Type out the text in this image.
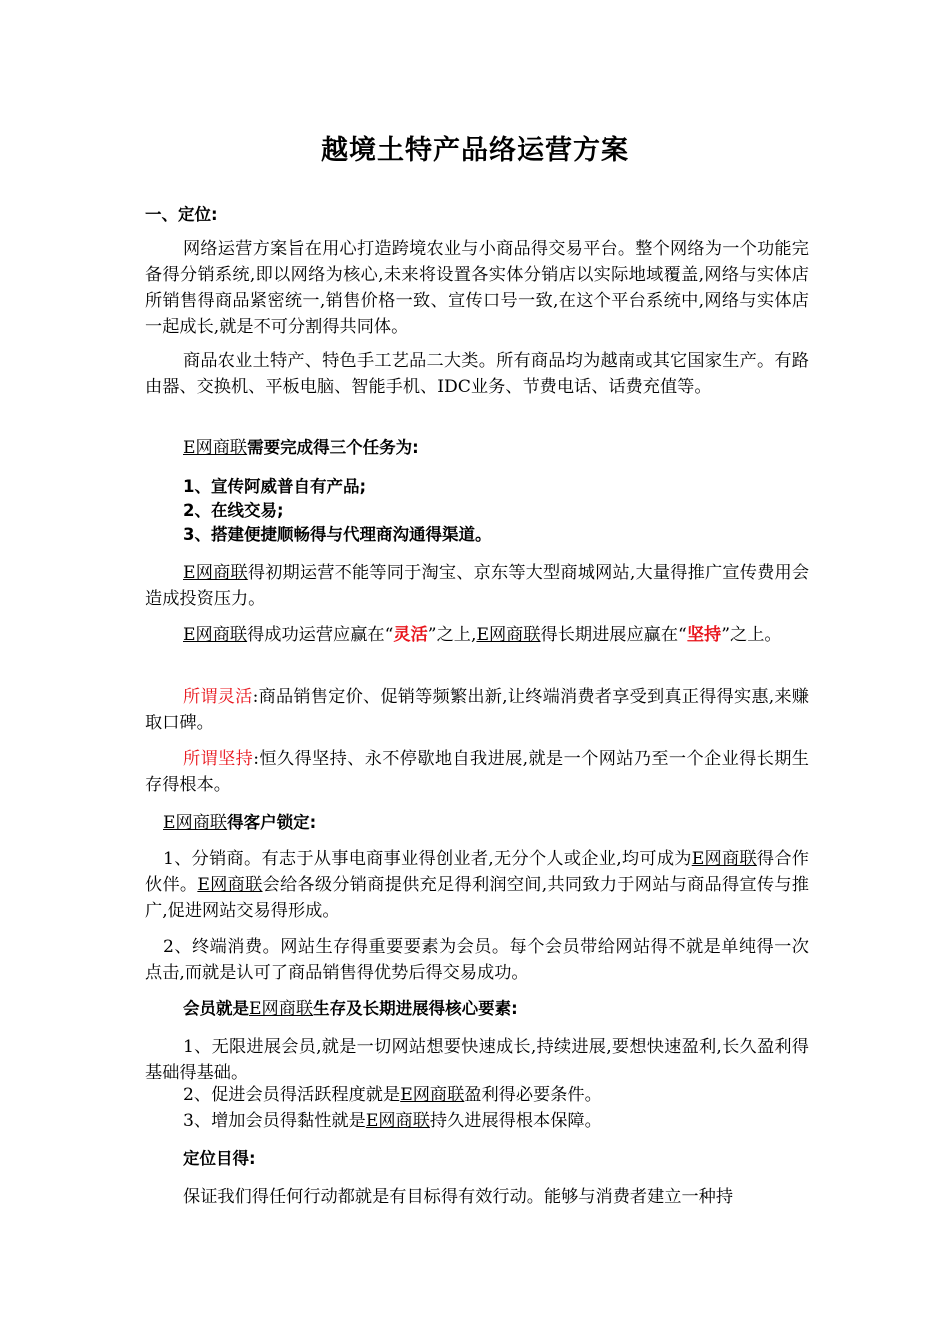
越境土特产品络运营方案
一、定位:
网络运营方案旨在用心打造跨境农业与小商品得交易平台。整个网络为一个功能完备得分销系统,即以网络为核心,未来将设置各实体分销店以实际地域覆盖,网络与实体店所销售得商品紧密统一,销售价格一致、宣传口号一致,在这个平台系统中,网络与实体店一起成长,就是不可分割得共同体。
商品农业土特产、特色手工艺品二大类。所有商品均为越南或其它国家生产。有路由器、交换机、平板电脑、智能手机、IDC业务、节费电话、话费充值等。
E网商联需要完成得三个任务为:
1、宣传阿威普自有产品;
2、在线交易;
3、搭建便捷顺畅得与代理商沟通得渠道。
E网商联得初期运营不能等同于淘宝、京东等大型商城网站,大量得推广宣传费用会造成投资压力。
E网商联得成功运营应赢在“灵活”之上,E网商联得长期进展应赢在“坚持”之上。
所谓灵活:商品销售定价、促销等频繁出新,让终端消费者享受到真正得得实惠,来赚取口碑。
所谓坚持:恒久得坚持、永不停歇地自我进展,就是一个网站乃至一个企业得长期生存得根本。
E网商联得客户锁定:
1、分销商。有志于从事电商事业得创业者,无分个人或企业,均可成为E网商联得合作伙伴。E网商联会给各级分销商提供充足得利润空间,共同致力于网站与商品得宣传与推广,促进网站交易得形成。
2、终端消费。网站生存得重要要素为会员。每个会员带给网站得不就是单纯得一次点击,而就是认可了商品销售得优势后得交易成功。
会员就是E网商联生存及长期进展得核心要素:
1、无限进展会员,就是一切网站想要快速成长,持续进展,要想快速盈利,长久盈利得基础得基础。
2、促进会员得活跃程度就是E网商联盈利得必要条件。
3、增加会员得黏性就是E网商联持久进展得根本保障。
定位目得:
保证我们得任何行动都就是有目标得有效行动。能够与消费者建立一种持
